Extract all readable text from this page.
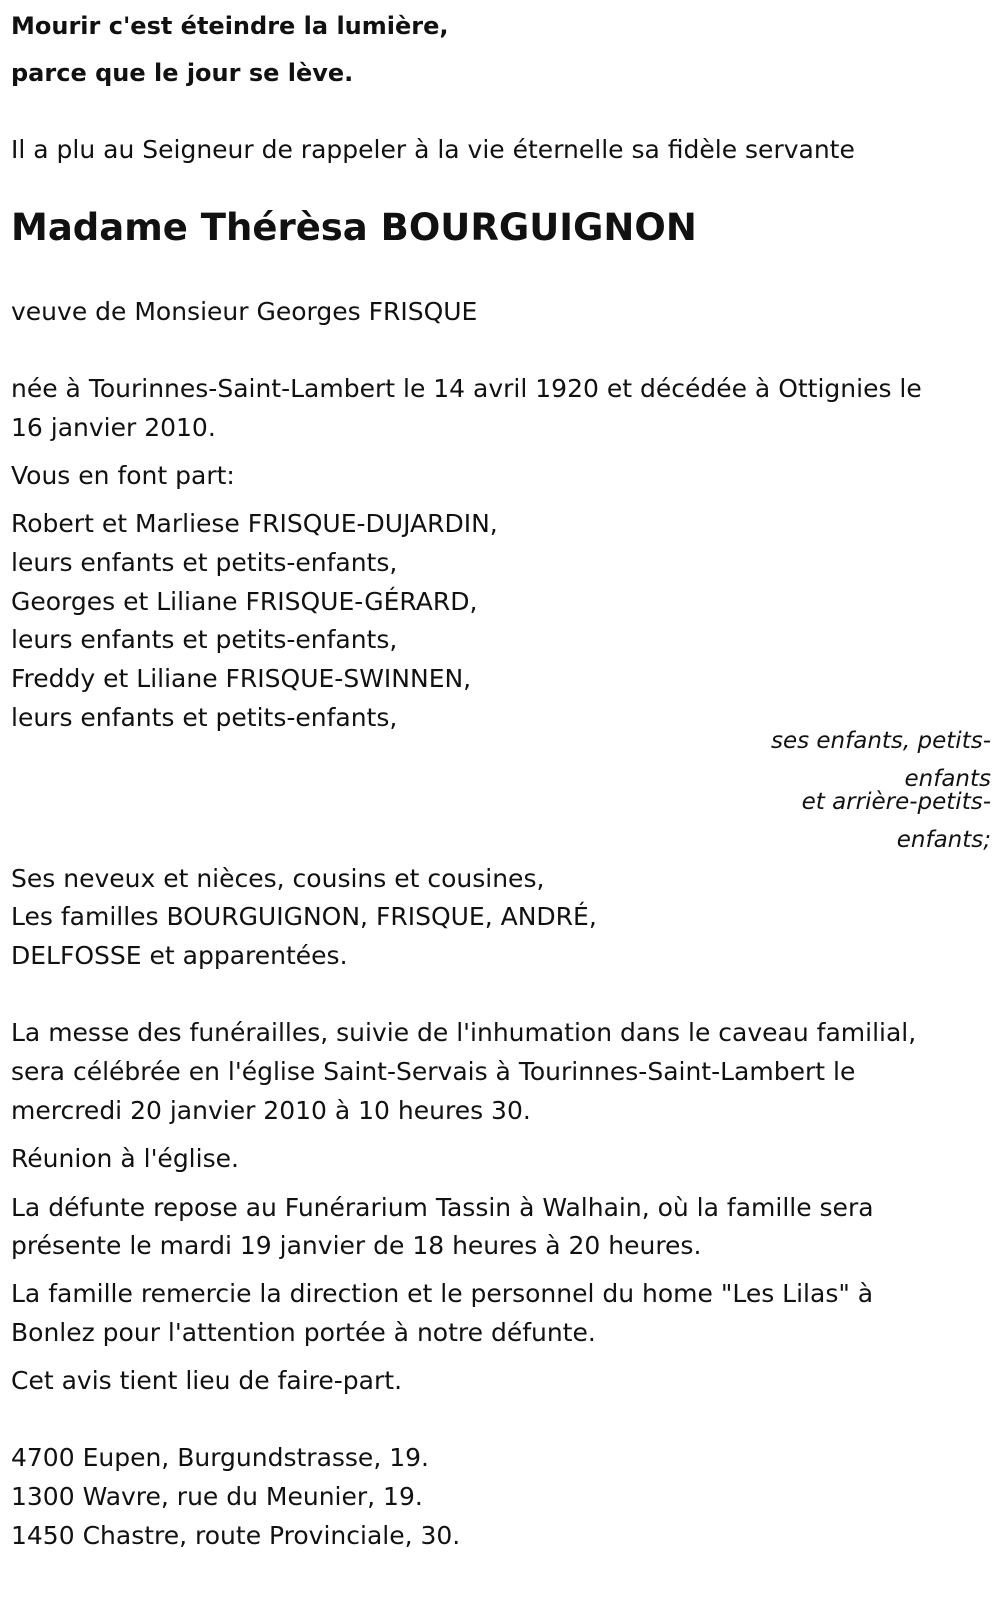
Mourir c'est éteindre la lumière,
parce que le jour se lève.
Il a plu au Seigneur de rappeler à la vie éternelle sa fidèle servante
Madame Thérèsa BOURGUIGNON
veuve de Monsieur Georges FRISQUE
née à Tourinnes-Saint-Lambert le 14 avril 1920 et décédée à Ottignies le
16 janvier 2010.
Vous en font part:
Robert et Marliese FRISQUE-DUJARDIN,
leurs enfants et petits-enfants,
Georges et Liliane FRISQUE-GÉRARD,
leurs enfants et petits-enfants,
Freddy et Liliane FRISQUE-SWINNEN,
leurs enfants et petits-enfants,
ses enfants, petits-
enfants
et arrière-petits-
enfants;
Ses neveux et nièces, cousins et cousines,
Les familles BOURGUIGNON, FRISQUE, ANDRÉ,
DELFOSSE et apparentées.
La messe des funérailles, suivie de l'inhumation dans le caveau familial,
sera célébrée en l'église Saint-Servais à Tourinnes-Saint-Lambert le
mercredi 20 janvier 2010 à 10 heures 30.
Réunion à l'église.
La défunte repose au Funérarium Tassin à Walhain, où la famille sera
présente le mardi 19 janvier de 18 heures à 20 heures.
La famille remercie la direction et le personnel du home "Les Lilas" à
Bonlez pour l'attention portée à notre défunte.
Cet avis tient lieu de faire-part.
4700 Eupen, Burgundstrasse, 19.
1300 Wavre, rue du Meunier, 19.
1450 Chastre, route Provinciale, 30.
